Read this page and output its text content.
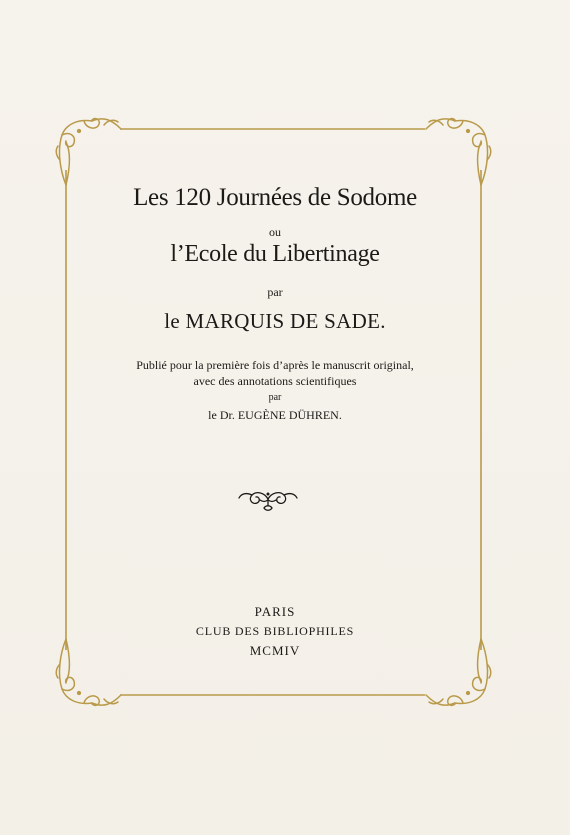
Les 120 Journées de Sodome
ou
l’Ecole du Libertinage
par
le MARQUIS DE SADE.
Publié pour la première fois d’après le manuscrit original,
avec des annotations scientifiques
par
le Dr. EUGÈNE DÜHREN.
PARIS
CLUB DES BIBLIOPHILES
MCMIV
